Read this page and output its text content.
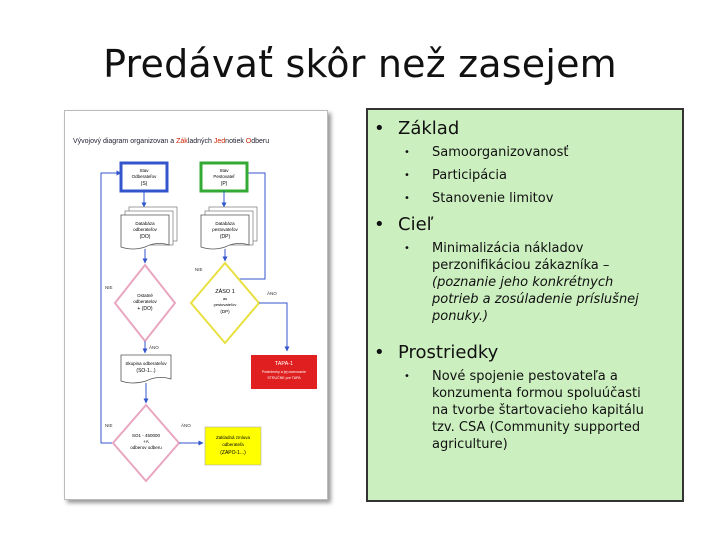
Predávať skôr než zasejem
Vývojový diagram organizovan a Základných Jednotiek Odberu
Stav
Odberateľov
(S)
Stav
Pestovateľ
(P)
Databáza
odberateľov
(DO)
Databáza
pestovateľov
(DP)
Ostatné
odberatelov
+ (DO)
ZÁSO 1
as
pestovateľov
(DP)
NIE
NIE
ÁNO
ÁNO
Skupina odberateľov
(SO-1...)
TAPA-1
Podmienky a jej overovanie
STRUČNE pre TAPA
SO1 - 450000
+A
odberov odberu
NIE	ÁNO
Zakladná zmluva
odberateľa
(ZAPO-1...)
• Základ
• Samoorganizovanosť
• Participácia
• Stanovenie limitov
• Cieľ
• Minimalizácia nákladov perzonifikáciou zákazníka – (poznanie jeho konkrétnych potrieb a zosúladenie príslušnej ponuky.)
• Prostriedky
• Nové spojenie pestovateľa a konzumenta formou spoluúčasti na tvorbe štartovacieho kapitálu tzv. CSA (Community supported agriculture)
